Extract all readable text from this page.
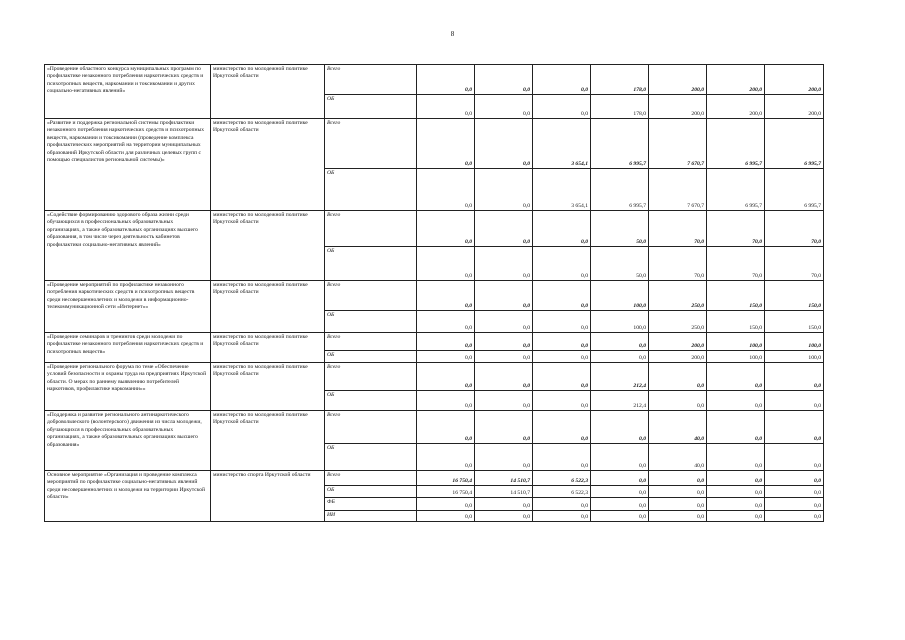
8
«Проведение областного конкурса муниципальных программ по профилактике незаконного потребления наркотических средств и психотропных веществ, наркомании и токсикомании и других социально-негативных явлений»	министерство по молодежной политике Иркутской области	Всего	0,0	0,0	0,0	178,0	200,0	200,0	200,0
		ОБ	0,0	0,0	0,0	178,0	200,0	200,0	200,0
«Развитие и поддержка региональной системы профилактики незаконного потребления наркотических средств и психотропных веществ, наркомании и токсикомании (проведение комплекса профилактических мероприятий на территории муниципальных образований Иркутской области для различных целевых групп с помощью специалистов региональной системы)»	министерство по молодежной политике Иркутской области	Всего	0,0	0,0	3 654,1	6 995,7	7 670,7	6 995,7	6 995,7
		ОБ	0,0	0,0	3 654,1	6 995,7	7 670,7	6 995,7	6 995,7
«Содействие формированию здорового образа жизни среди обучающихся в профессиональных образовательных организациях, а также образовательных организациях высшего образования, в том числе через деятельность кабинетов профилактики социально-негативных явлений»	министерство по молодежной политике Иркутской области	Всего	0,0	0,0	0,0	50,0	70,0	70,0	70,0
		ОБ	0,0	0,0	0,0	50,0	70,0	70,0	70,0
«Проведение мероприятий по профилактике незаконного потребления наркотических средств и психотропных веществ среди несовершеннолетних и молодежи в информационно-телекоммуникационной сети «Интернет»»	министерство по молодежной политике Иркутской области	Всего	0,0	0,0	0,0	100,0	250,0	150,0	150,0
		ОБ	0,0	0,0	0,0	100,0	250,0	150,0	150,0
«Проведение семинаров и тренингов среди молодежи по профилактике незаконного потребления наркотических средств и психотропных веществ»	министерство по молодежной политике Иркутской области	Всего	0,0	0,0	0,0	0,0	200,0	100,0	100,0
		ОБ	0,0	0,0	0,0	0,0	200,0	100,0	100,0
«Проведение регионального форума по теме «Обеспечение условий безопасности и охраны труда на предприятиях Иркутской области. О мерах по раннему выявлению потребителей наркотиков, профилактике наркомании»»	министерство по молодежной политике Иркутской области	Всего	0,0	0,0	0,0	212,4	0,0	0,0	0,0
		ОБ	0,0	0,0	0,0	212,4	0,0	0,0	0,0
«Поддержка и развитие регионального антинаркотического добровольческого (волонтерского) движения из числа молодежи, обучающихся в профессиональных образовательных организациях, а также образовательных организациях высшего образования»	министерство по молодежной политике Иркутской области	Всего	0,0	0,0	0,0	0,0	40,0	0,0	0,0
		ОБ	0,0	0,0	0,0	0,0	40,0	0,0	0,0
Основное мероприятие «Организация и проведение комплекса мероприятий по профилактике социально-негативных явлений среди несовершеннолетних и молодежи на территории Иркутской области»	министерство спорта Иркутской области	Всего	16 750,4	14 510,7	6 522,3	0,0	0,0	0,0	0,0
		ОБ	16 750,4	14 510,7	6 522,3	0,0	0,0	0,0	0,0
		ФБ	0,0	0,0	0,0	0,0	0,0	0,0	0,0
		ИИ	0,0	0,0	0,0	0,0	0,0	0,0	0,0
